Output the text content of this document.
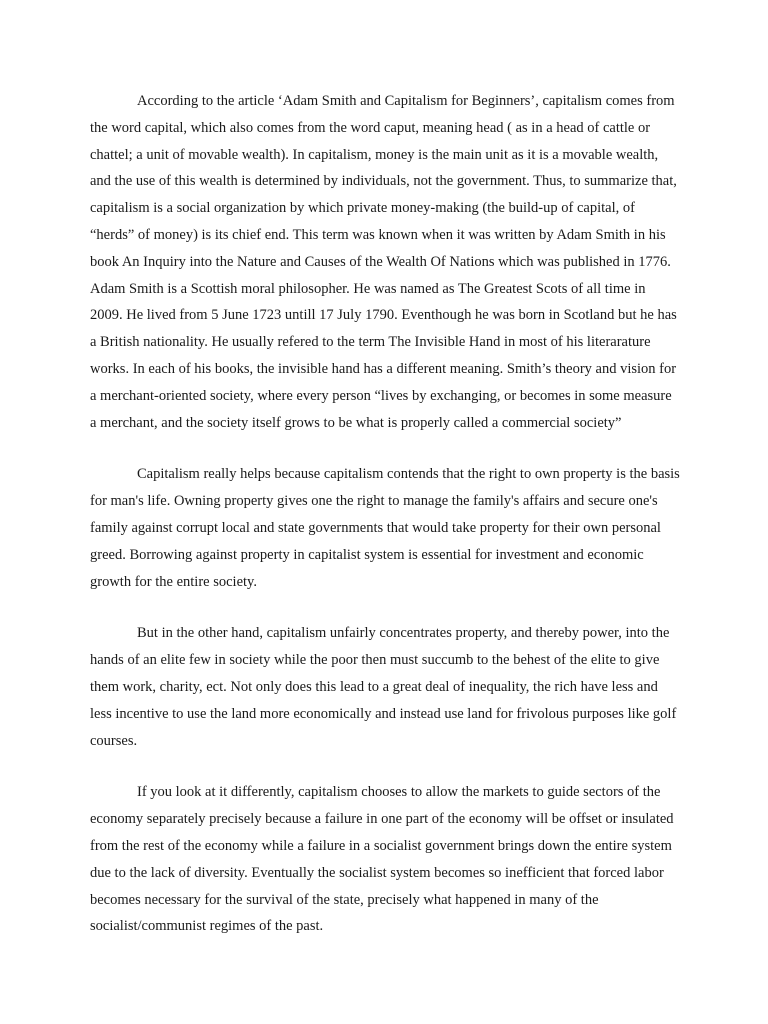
According to the article ‘Adam Smith and Capitalism for Beginners’, capitalism comes from the word capital, which also comes from the word caput, meaning head ( as in a head of cattle or chattel; a unit of movable wealth). In capitalism, money is the main unit as it is a movable wealth, and the use of this wealth is determined by individuals, not the government. Thus, to summarize that, capitalism is a social organization by which private money-making (the build-up of capital, of “herds” of money) is its chief end. This term was known when it was written by Adam Smith in his book An Inquiry into the Nature and Causes of the Wealth Of Nations which was published in 1776. Adam Smith is a Scottish moral philosopher. He was named as The Greatest Scots of all time in 2009. He lived from 5 June 1723 untill 17 July 1790. Eventhough he was born in Scotland but he has a British nationality. He usually refered to the term The Invisible Hand in most of his literarature works. In each of his books, the invisible hand has a different meaning. Smith’s theory and vision for a merchant-oriented society, where every person “lives by exchanging, or becomes in some measure a merchant, and the society itself grows to be what is properly called a commercial society”

Capitalism really helps because capitalism contends that the right to own property is the basis for man's life. Owning property gives one the right to manage the family's affairs and secure one's family against corrupt local and state governments that would take property for their own personal greed. Borrowing against property in capitalist system is essential for investment and economic growth for the entire society.

But in the other hand, capitalism unfairly concentrates property, and thereby power, into the hands of an elite few in society while the poor then must succumb to the behest of the elite to give them work, charity, ect. Not only does this lead to a great deal of inequality, the rich have less and less incentive to use the land more economically and instead use land for frivolous purposes like golf courses.

If you look at it differently, capitalism chooses to allow the markets to guide sectors of the economy separately precisely because a failure in one part of the economy will be offset or insulated from the rest of the economy while a failure in a socialist government brings down the entire system due to the lack of diversity. Eventually the socialist system becomes so inefficient that forced labor becomes necessary for the survival of the state, precisely what happened in many of the socialist/communist regimes of the past.
